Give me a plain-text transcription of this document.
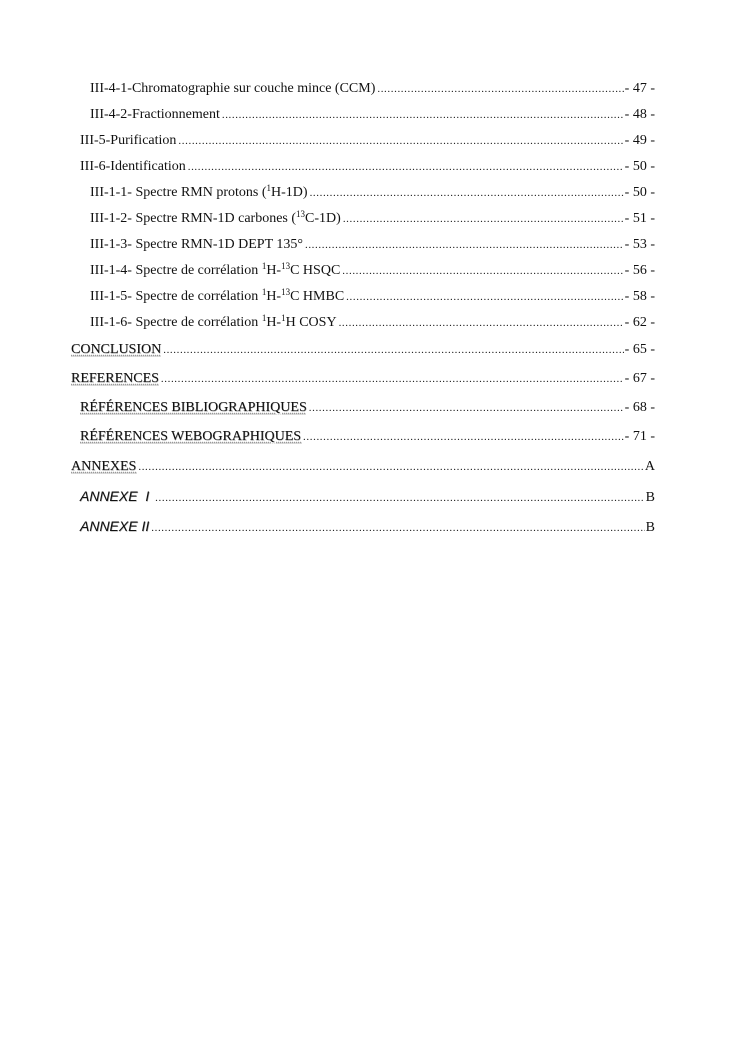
III-4-1-Chromatographie sur couche mince (CCM) .....	- 47 -
III-4-2-Fractionnement .....	- 48 -
III-5-Purification .....	- 49 -
III-6-Identification .....	- 50 -
III-1-1- Spectre RMN protons ($^1$H-1D) .....	- 50 -
III-1-2- Spectre RMN-1D carbones ($^{13}$C-1D) .....	- 51 -
III-1-3- Spectre RMN-1D DEPT 135° .....	- 53 -
III-1-4- Spectre de corrélation $^1$H-$^{13}$C HSQC .....	- 56 -
III-1-5- Spectre de corrélation $^1$H-$^{13}$C HMBC .....	- 58 -
III-1-6- Spectre de corrélation $^1$H-$^1$H COSY .....	- 62 -
CONCLUSION .....	- 65 -
REFERENCES .....	- 67 -
RÉFÉRENCES BIBLIOGRAPHIQUES .....	- 68 -
RÉFÉRENCES WEBOGRAPHIQUES .....	- 71 -
ANNEXES .....	A
ANNEXE  I .....	B
ANNEXE II .....	B
